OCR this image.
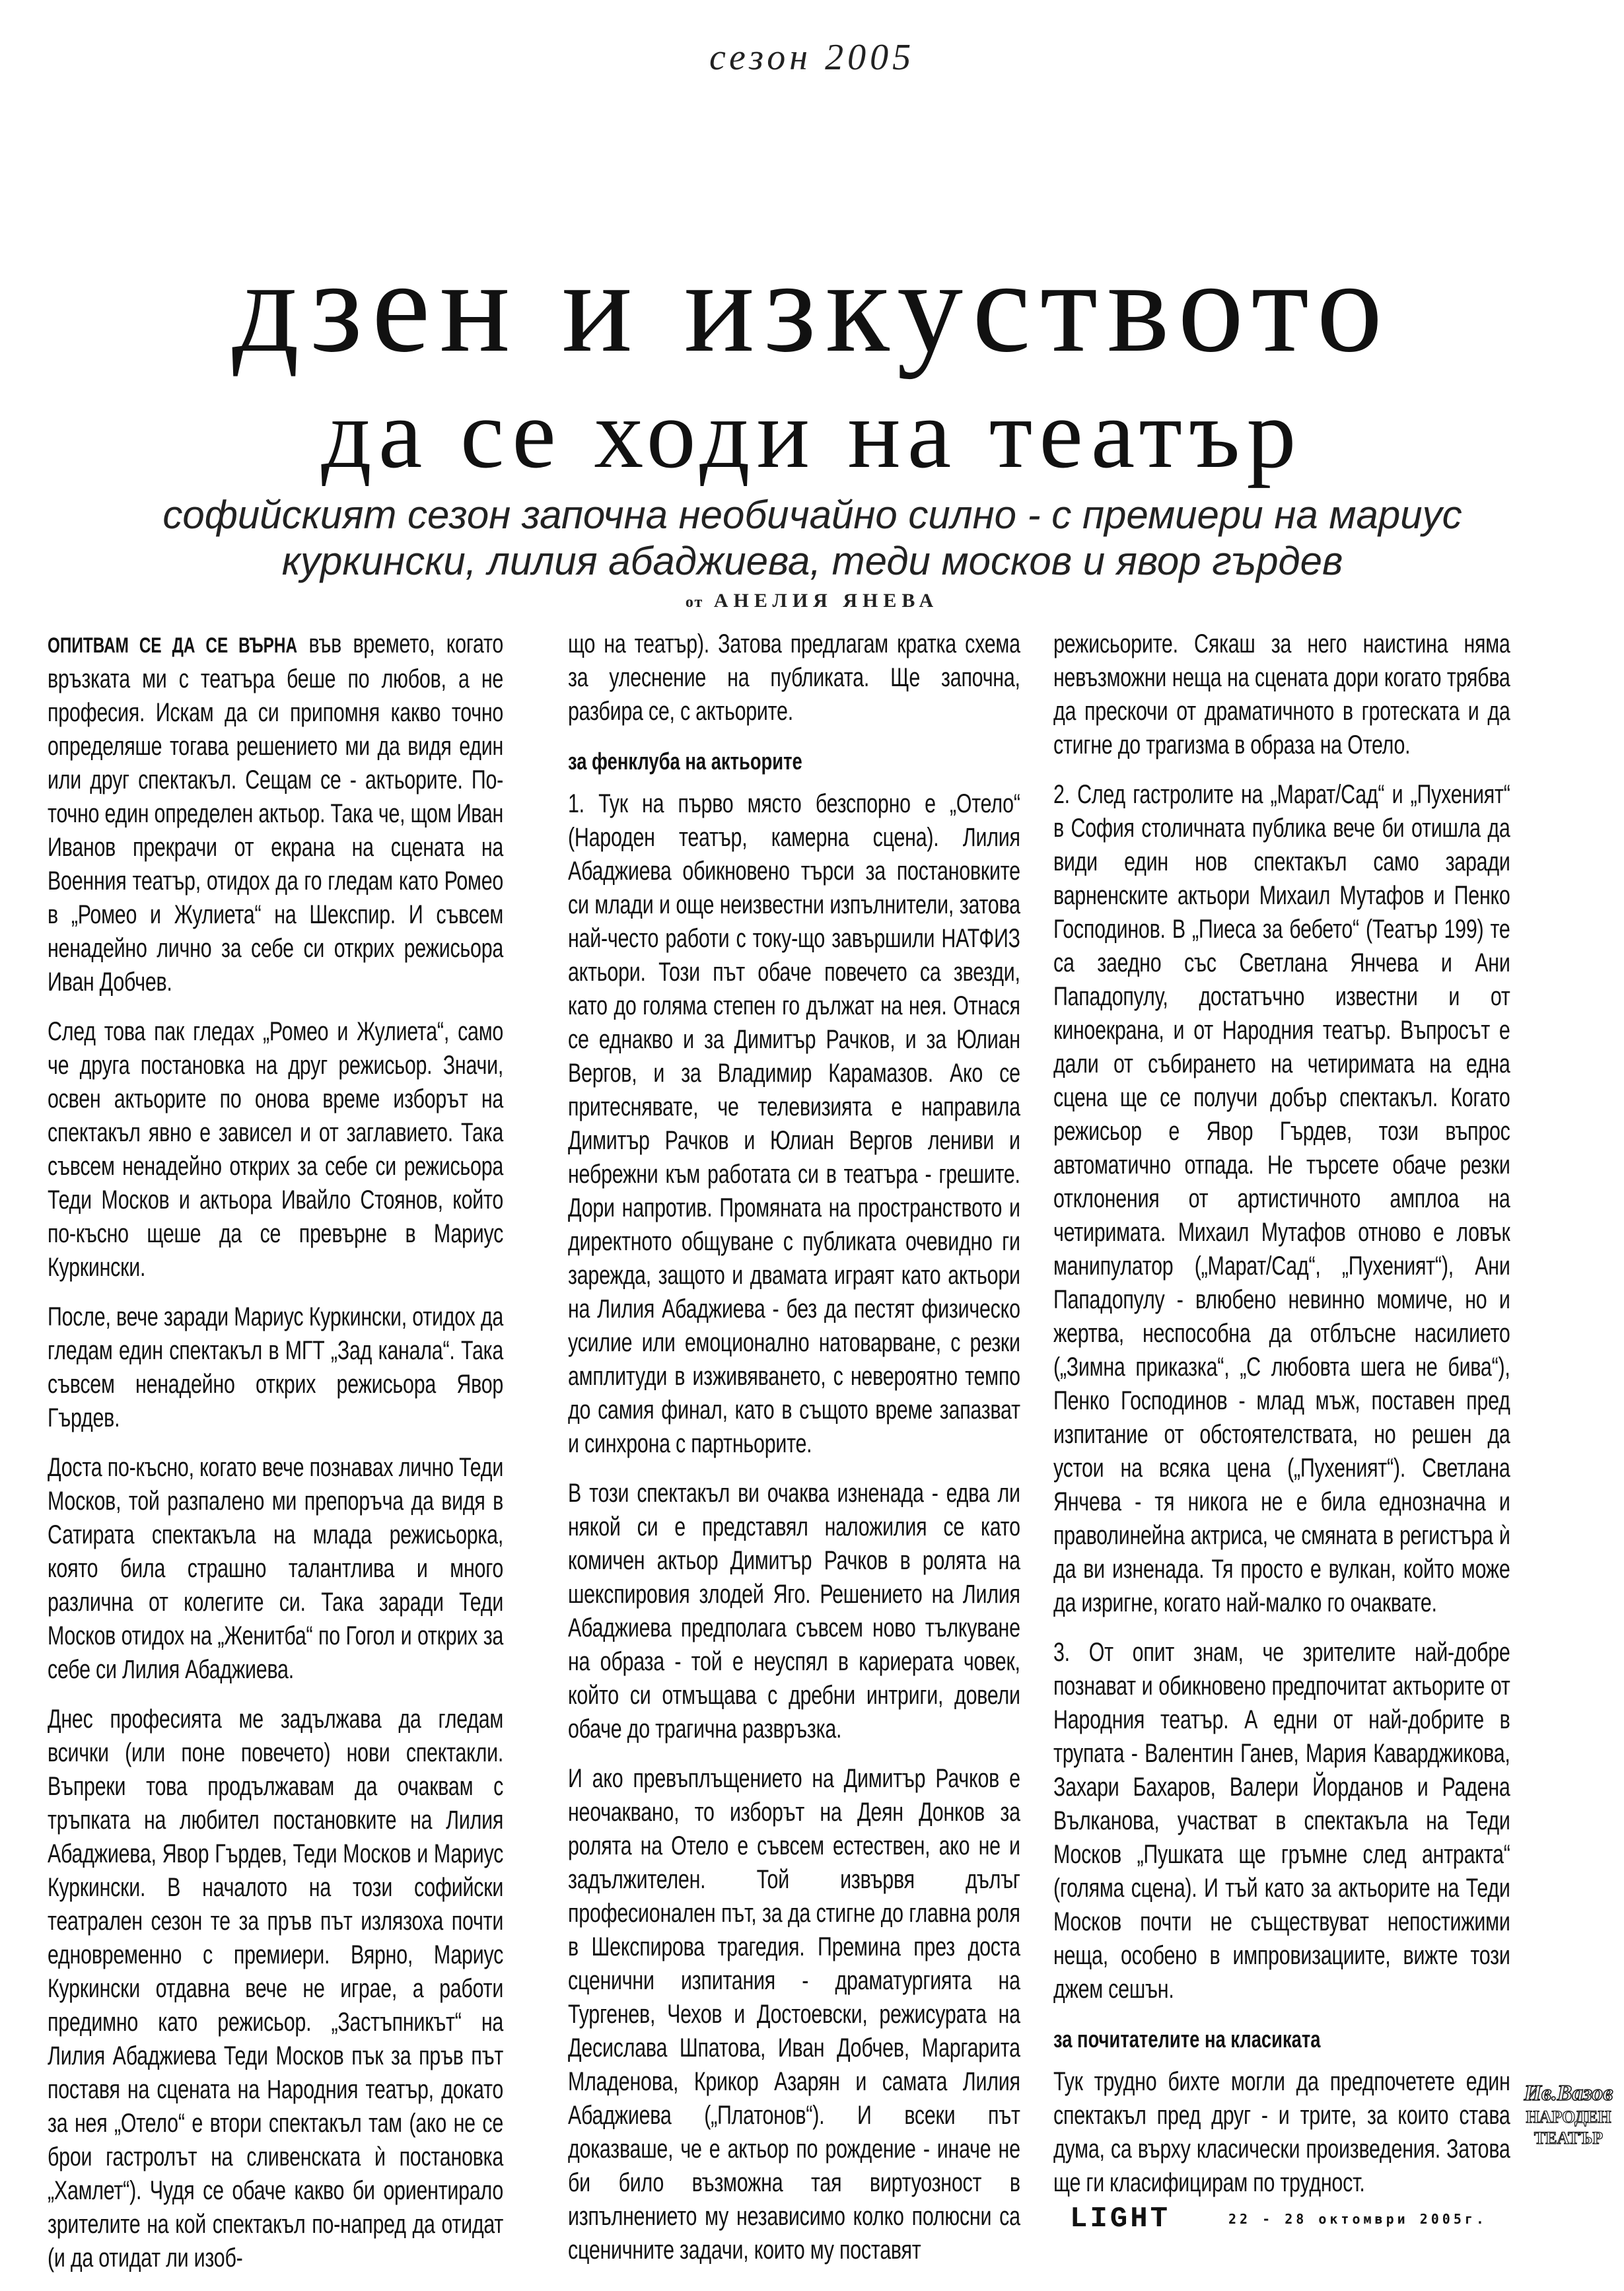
сезон 2005
дзен и изкуството
да се ходи на театър
софийският сезон започна необичайно силно - с премиери на мариус куркински, лилия абаджиева, теди москов и явор гърдев
от АНЕЛИЯ ЯНЕВА

ОПИТВАМ СЕ ДА СЕ ВЪРНА във времето, когато връзката ми с театъра беше по любов, а не професия. Искам да си припомня какво точно определяше тогава решението ми да видя един или друг спектакъл. Сещам се - актьорите. По-точно един определен актьор. Така че, щом Иван Иванов прекрачи от екрана на сцената на Военния театър, отидох да го гледам като Ромео в „Ромео и Жулиета“ на Шекспир. И съвсем ненадейно лично за себе си открих режисьора Иван Добчев.

След това пак гледах „Ромео и Жулиета“, само че друга постановка на друг режисьор. Значи, освен актьорите по онова време изборът на спектакъл явно е зависел и от заглавието. Така съвсем ненадейно открих за себе си режисьора Теди Москов и актьора Ивайло Стоянов, който по-късно щеше да се превърне в Мариус Куркински.

После, вече заради Мариус Куркински, отидох да гледам един спектакъл в МГТ „Зад канала“. Така съвсем ненадейно открих режисьора Явор Гърдев.

Доста по-късно, когато вече познавах лично Теди Москов, той разпалено ми препоръча да видя в Сатирата спектакъла на млада режисьорка, която била страшно талантлива и много различна от колегите си. Така заради Теди Москов отидох на „Женитба“ по Гогол и открих за себе си Лилия Абаджиева.

Днес професията ме задължава да гледам всички (или поне повечето) нови спектакли. Въпреки това продължавам да очаквам с тръпката на любител постановките на Лилия Абаджиева, Явор Гърдев, Теди Москов и Мариус Куркински. В началото на този софийски театрален сезон те за пръв път излязоха почти едновременно с премиери. Вярно, Мариус Куркински отдавна вече не играе, а работи предимно като режисьор. „Застъпникът“ на Лилия Абаджиева Теди Москов пък за пръв път поставя на сцената на Народния театър, докато за нея „Отело“ е втори спектакъл там (ако не се брои гастролът на сливенската ѝ постановка „Хамлет“). Чудя се обаче какво би ориентирало зрителите на кой спектакъл по-напред да отидат (и да отидат ли изоб-

що на театър). Затова предлагам кратка схема за улеснение на публиката. Ще започна, разбира се, с актьорите.

за фенклуба на актьорите

1. Тук на първо място безспорно е „Отело“ (Народен театър, камерна сцена). Лилия Абаджиева обикновено търси за постановките си млади и още неизвестни изпълнители, затова най-често работи с току-що завършили НАТФИЗ актьори. Този път обаче повечето са звезди, като до голяма степен го дължат на нея. Отнася се еднакво и за Димитър Рачков, и за Юлиан Вергов, и за Владимир Карамазов. Ако се притеснявате, че телевизията е направила Димитър Рачков и Юлиан Вергов лениви и небрежни към работата си в театъра - грешите. Дори напротив. Промяната на пространството и директното общуване с публиката очевидно ги зарежда, защото и двамата играят като актьори на Лилия Абаджиева - без да пестят физическо усилие или емоционално натоварване, с резки амплитуди в изживяването, с невероятно темпо до самия финал, като в същото време запазват и синхрона с партньорите.

В този спектакъл ви очаква изненада - едва ли някой си е представял наложилия се като комичен актьор Димитър Рачков в ролята на шекспировия злодей Яго. Решението на Лилия Абаджиева предполага съвсем ново тълкуване на образа - той е неуспял в кариерата човек, който си отмъщава с дребни интриги, довели обаче до трагична развръзка.

И ако превъплъщението на Димитър Рачков е неочаквано, то изборът на Деян Донков за ролята на Отело е съвсем естествен, ако не и задължителен. Той извървя дълъг професионален път, за да стигне до главна роля в Шекспирова трагедия. Премина през доста сценични изпитания - драматургията на Тургенев, Чехов и Достоевски, режисурата на Десислава Шпатова, Иван Добчев, Маргарита Младенова, Крикор Азарян и самата Лилия Абаджиева („Платонов“). И всеки път доказваше, че е актьор по рождение - иначе не би било възможна тая виртуозност в изпълнението му независимо колко полюсни са сценичните задачи, които му поставят

режисьорите. Сякаш за него наистина няма невъзможни неща на сцената дори когато трябва да прескочи от драматичното в гротеската и да стигне до трагизма в образа на Отело.

2. След гастролите на „Марат/Сад“ и „Пухеният“ в София столичната публика вече би отишла да види един нов спектакъл само заради варненските актьори Михаил Мутафов и Пенко Господинов. В „Пиеса за бебето“ (Театър 199) те са заедно със Светлана Янчева и Ани Пападопулу, достатъчно известни и от киноекрана, и от Народния театър. Въпросът е дали от събирането на четиримата на една сцена ще се получи добър спектакъл. Когато режисьор е Явор Гърдев, този въпрос автоматично отпада. Не търсете обаче резки отклонения от артистичното амплоа на четиримата. Михаил Мутафов отново е ловък манипулатор („Марат/Сад“, „Пухеният“), Ани Пападопулу - влюбено невинно момиче, но и жертва, неспособна да отблъсне насилието („Зимна приказка“, „С любовта шега не бива“), Пенко Господинов - млад мъж, поставен пред изпитание от обстоятелствата, но решен да устои на всяка цена („Пухеният“). Светлана Янчева - тя никога не е била еднозначна и праволинейна актриса, че смяната в регистъра ѝ да ви изненада. Тя просто е вулкан, който може да изригне, когато най-малко го очаквате.

3. От опит знам, че зрителите най-добре познават и обикновено предпочитат актьорите от Народния театър. А едни от най-добрите в трупата - Валентин Ганев, Мария Каварджикова, Захари Бахаров, Валери Йорданов и Радена Вълканова, участват в спектакъла на Теди Москов „Пушката ще гръмне след антракта“ (голяма сцена). И тъй като за актьорите на Теди Москов почти не съществуват непостижими неща, особено в импровизациите, вижте този джем сешън.

за почитателите на класиката

Тук трудно бихте могли да предпочетете един спектакъл пред друг - и трите, за които става дума, са върху класически произведения. Затова ще ги класифицирам по трудност.

Ив.Вазов
НАРОДЕН
ТЕАТЪР
LIGHT	22 - 28 октомври 2005г.
